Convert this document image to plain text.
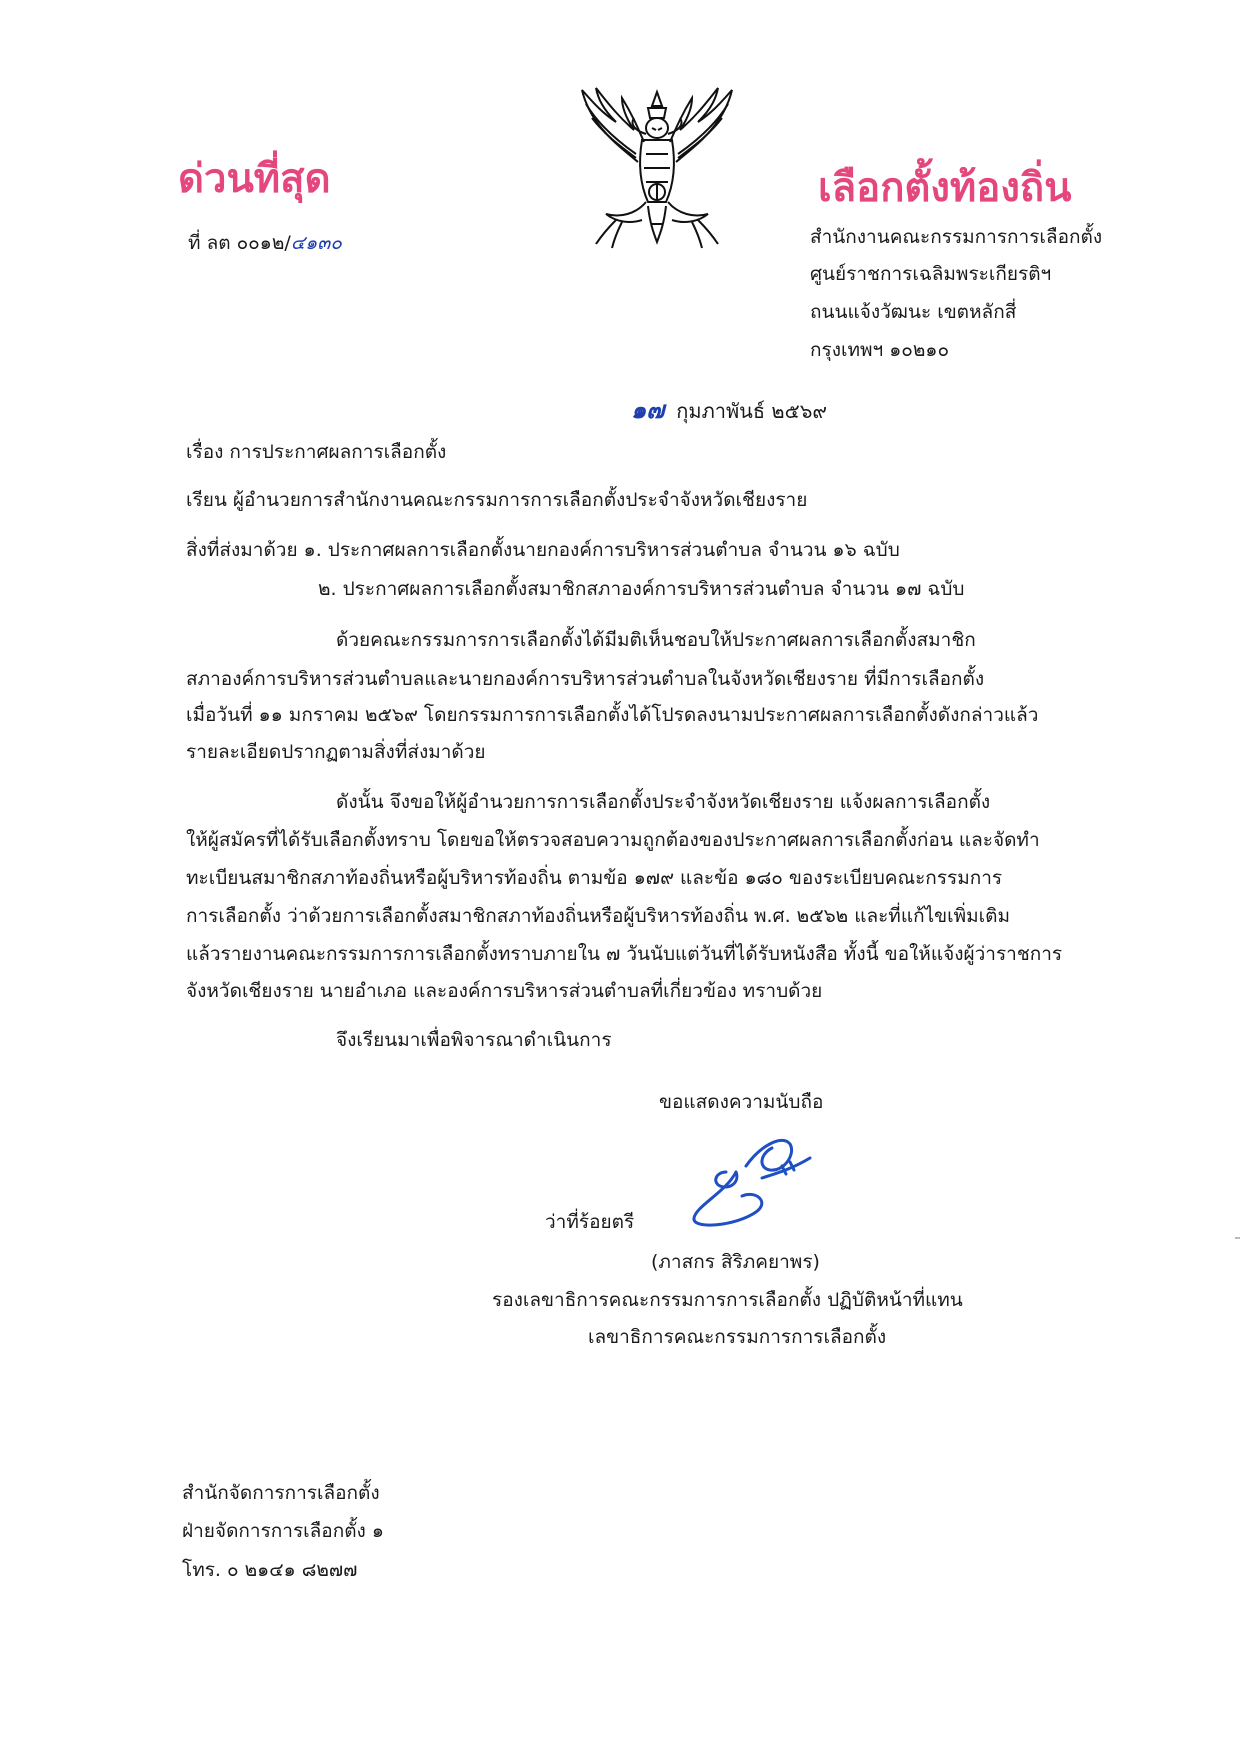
ด่วนที่สุด
ที่ ลต ๐๐๑๒/๔๑๓๐
เลือกตั้งท้องถิ่น
สำนักงานคณะกรรมการการเลือกตั้ง
ศูนย์ราชการเฉลิมพระเกียรติฯ
ถนนแจ้งวัฒนะ เขตหลักสี่
กรุงเทพฯ ๑๐๒๑๐
๑๗ กุมภาพันธ์ ๒๕๖๙
เรื่อง การประกาศผลการเลือกตั้ง
เรียน ผู้อำนวยการสำนักงานคณะกรรมการการเลือกตั้งประจำจังหวัดเชียงราย
สิ่งที่ส่งมาด้วย ๑. ประกาศผลการเลือกตั้งนายกองค์การบริหารส่วนตำบล จำนวน ๑๖ ฉบับ
๒. ประกาศผลการเลือกตั้งสมาชิกสภาองค์การบริหารส่วนตำบล จำนวน ๑๗ ฉบับ
ด้วยคณะกรรมการการเลือกตั้งได้มีมติเห็นชอบให้ประกาศผลการเลือกตั้งสมาชิก
สภาองค์การบริหารส่วนตำบลและนายกองค์การบริหารส่วนตำบลในจังหวัดเชียงราย ที่มีการเลือกตั้ง
เมื่อวันที่ ๑๑ มกราคม ๒๕๖๙ โดยกรรมการการเลือกตั้งได้โปรดลงนามประกาศผลการเลือกตั้งดังกล่าวแล้ว
รายละเอียดปรากฏตามสิ่งที่ส่งมาด้วย
ดังนั้น จึงขอให้ผู้อำนวยการการเลือกตั้งประจำจังหวัดเชียงราย แจ้งผลการเลือกตั้ง
ให้ผู้สมัครที่ได้รับเลือกตั้งทราบ โดยขอให้ตรวจสอบความถูกต้องของประกาศผลการเลือกตั้งก่อน และจัดทำ
ทะเบียนสมาชิกสภาท้องถิ่นหรือผู้บริหารท้องถิ่น ตามข้อ ๑๗๙ และข้อ ๑๘๐ ของระเบียบคณะกรรมการ
การเลือกตั้ง ว่าด้วยการเลือกตั้งสมาชิกสภาท้องถิ่นหรือผู้บริหารท้องถิ่น พ.ศ. ๒๕๖๒ และที่แก้ไขเพิ่มเติม
แล้วรายงานคณะกรรมการการเลือกตั้งทราบภายใน ๗ วันนับแต่วันที่ได้รับหนังสือ ทั้งนี้ ขอให้แจ้งผู้ว่าราชการ
จังหวัดเชียงราย นายอำเภอ และองค์การบริหารส่วนตำบลที่เกี่ยวข้อง ทราบด้วย
จึงเรียนมาเพื่อพิจารณาดำเนินการ
ขอแสดงความนับถือ
ว่าที่ร้อยตรี
(ภาสกร สิริภคยาพร)
รองเลขาธิการคณะกรรมการการเลือกตั้ง ปฏิบัติหน้าที่แทน
เลขาธิการคณะกรรมการการเลือกตั้ง
สำนักจัดการการเลือกตั้ง
ฝ่ายจัดการการเลือกตั้ง ๑
โทร. ๐ ๒๑๔๑ ๘๒๗๗
